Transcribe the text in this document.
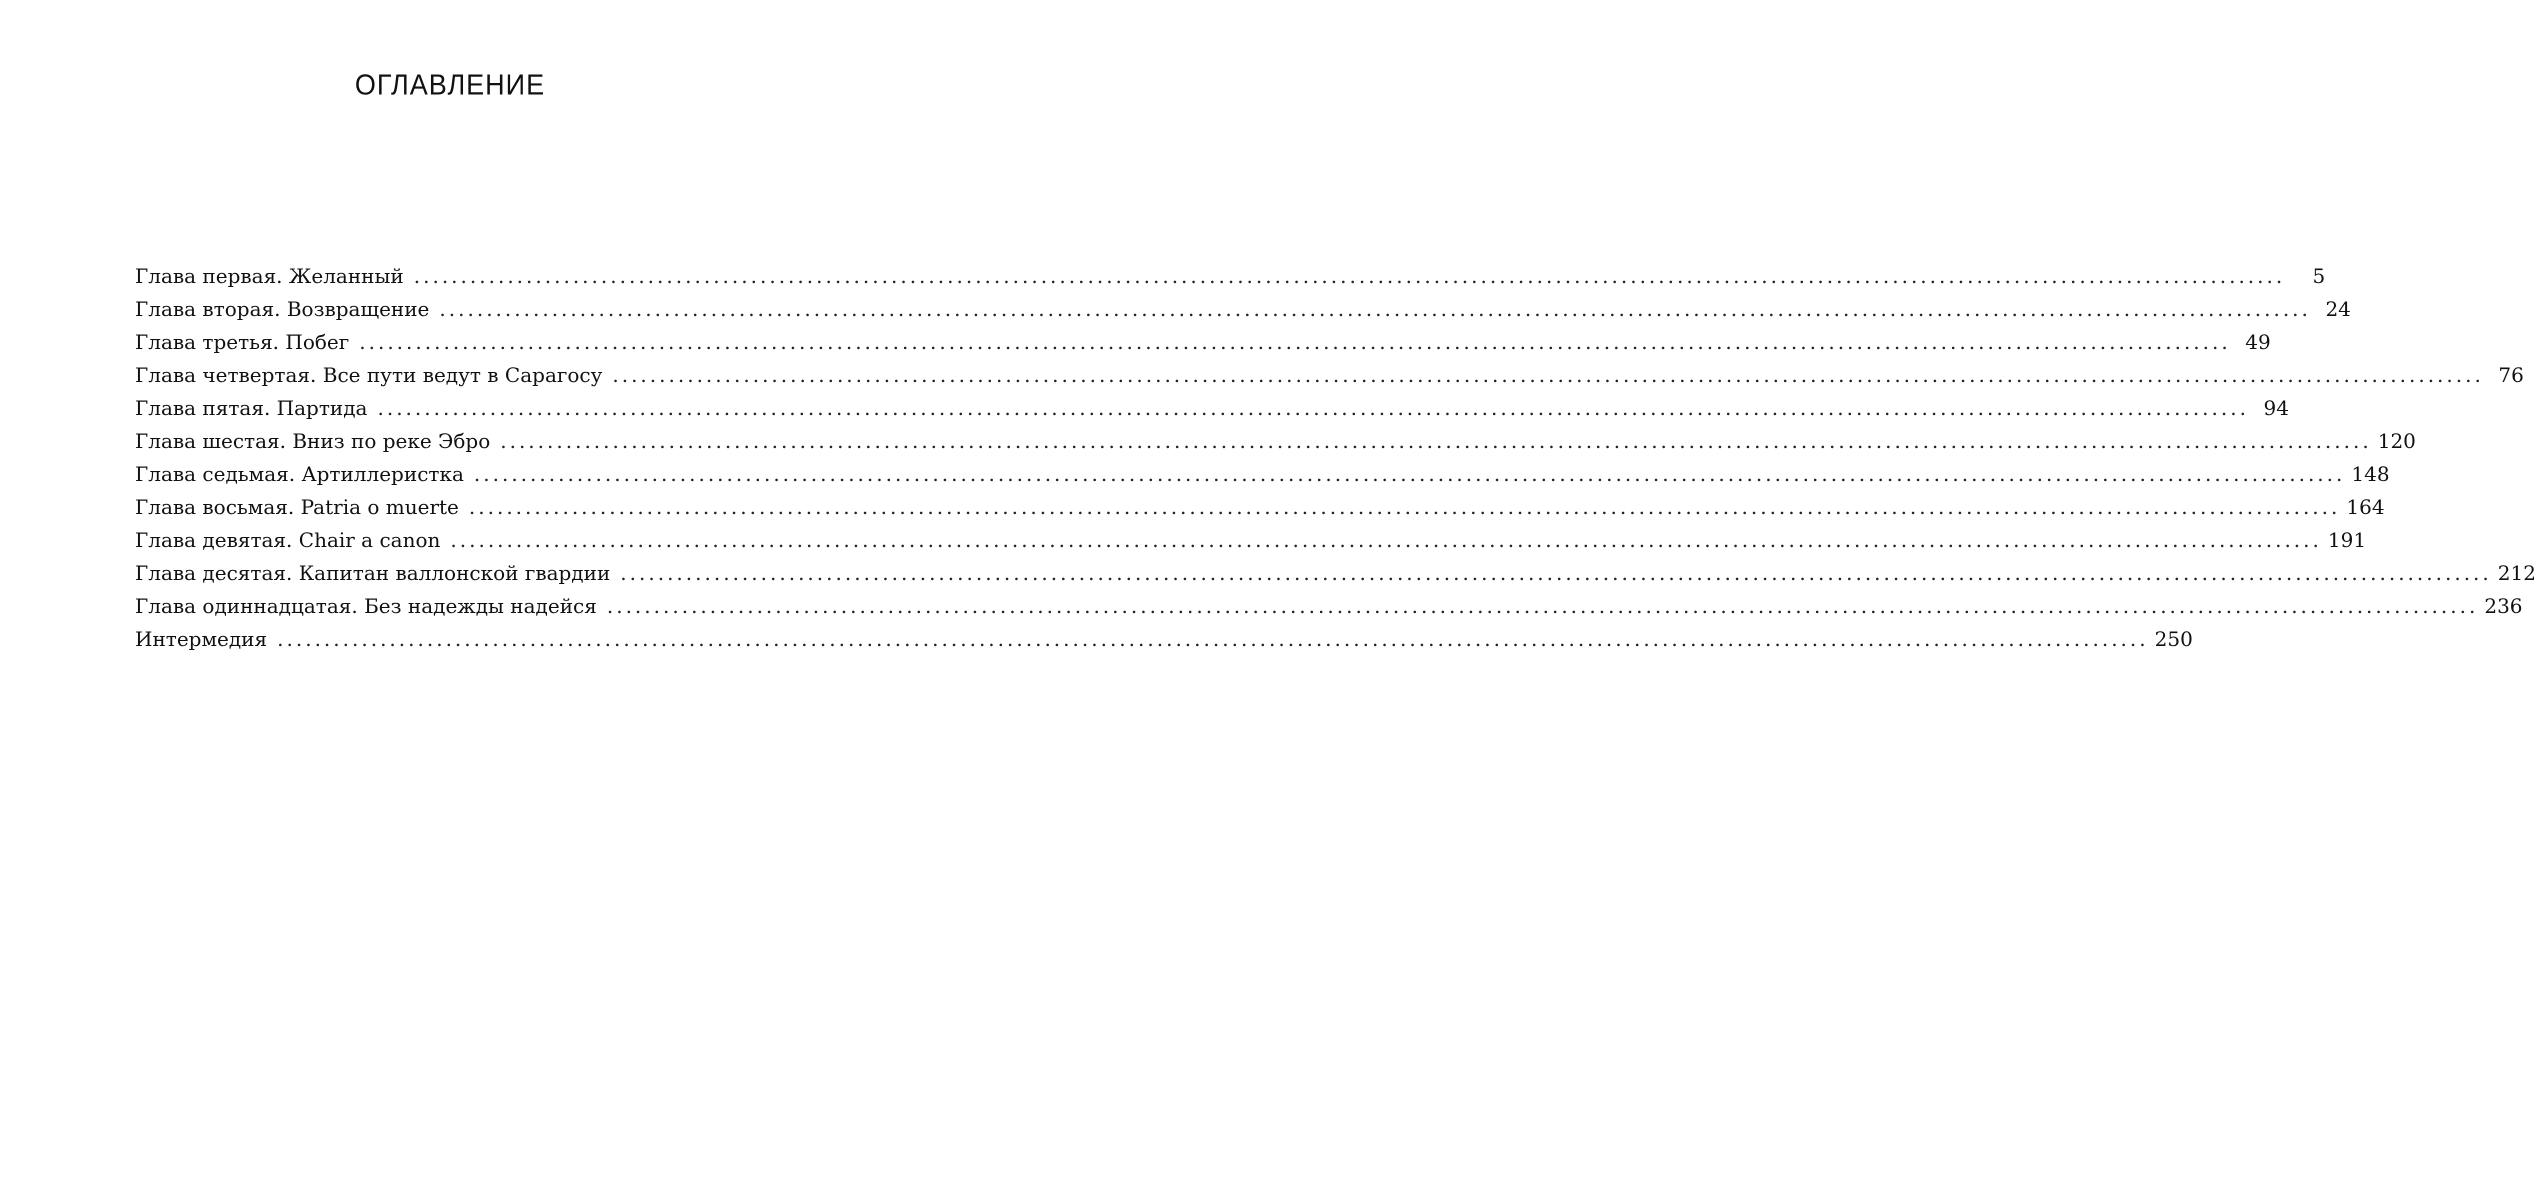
ОГЛАВЛЕНИЕ
Глава первая. Желанный ........................................................................................................................................................................................................	5
Глава вторая. Возвращение ........................................................................................................................................................................................................ 24
Глава третья. Побег ........................................................................................................................................................................................................ 49
Глава четвертая. Все пути ведут в Сарагосу ........................................................................................................................................................................................................ 76
Глава пятая. Партида ........................................................................................................................................................................................................ 94
Глава шестая. Вниз по реке Эбро ........................................................................................................................................................................................................ 120
Глава седьмая. Артиллеристка ........................................................................................................................................................................................................ 148
Глава восьмая. Patria o muerte ........................................................................................................................................................................................................ 164
Глава девятая. Chair a canon ........................................................................................................................................................................................................ 191
Глава десятая. Капитан валлонской гвардии ........................................................................................................................................................................................................ 212
Глава одиннадцатая. Без надежды надейся ........................................................................................................................................................................................................ 236
Интермедия ........................................................................................................................................................................................................ 250
